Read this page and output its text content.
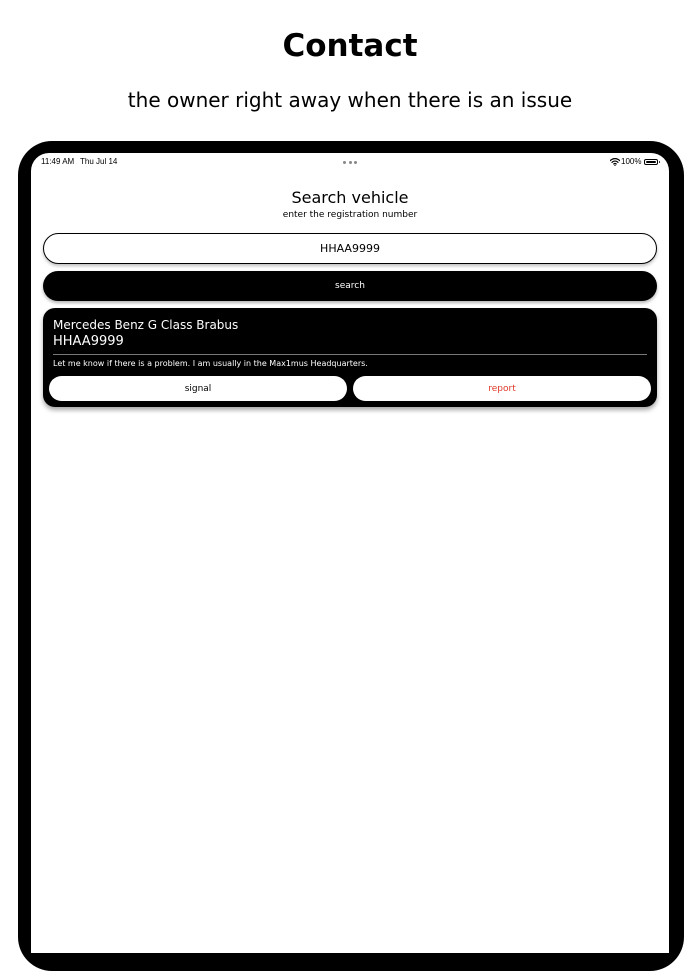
Contact

the owner right away when there is an issue

11:49 AM Thu Jul 14	100%
Search vehicle
enter the registration number
HHAA9999
search
Mercedes Benz G Class Brabus
HHAA9999
Let me know if there is a problem. I am usually in the Max1mus Headquarters.
signal	report
